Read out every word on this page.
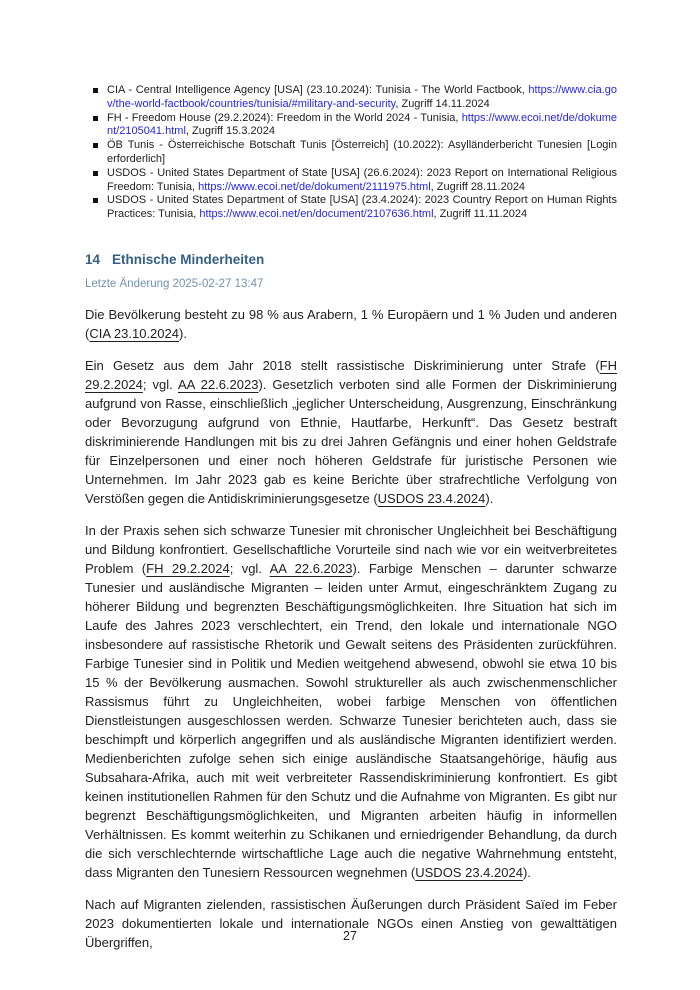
CIA - Central Intelligence Agency [USA] (23.10.2024): Tunisia - The World Factbook, https://www.cia.gov/the-world-factbook/countries/tunisia/#military-and-security, Zugriff 14.11.2024
FH - Freedom House (29.2.2024): Freedom in the World 2024 - Tunisia, https://www.ecoi.net/de/dokument/2105041.html, Zugriff 15.3.2024
ÖB Tunis - Österreichische Botschaft Tunis [Österreich] (10.2022): Asylländerbericht Tunesien [Login erforderlich]
USDOS - United States Department of State [USA] (26.6.2024): 2023 Report on International Religious Freedom: Tunisia, https://www.ecoi.net/de/dokument/2111975.html, Zugriff 28.11.2024
USDOS - United States Department of State [USA] (23.4.2024): 2023 Country Report on Human Rights Practices: Tunisia, https://www.ecoi.net/en/document/2107636.html, Zugriff 11.11.2024
14 Ethnische Minderheiten
Letzte Änderung 2025-02-27 13:47

Die Bevölkerung besteht zu 98 % aus Arabern, 1 % Europäern und 1 % Juden und anderen (CIA 23.10.2024).

Ein Gesetz aus dem Jahr 2018 stellt rassistische Diskriminierung unter Strafe (FH 29.2.2024; vgl. AA 22.6.2023). Gesetzlich verboten sind alle Formen der Diskriminierung aufgrund von Rasse, einschließlich „jeglicher Unterscheidung, Ausgrenzung, Einschränkung oder Bevorzugung aufgrund von Ethnie, Hautfarbe, Herkunft“. Das Gesetz bestraft diskriminierende Handlungen mit bis zu drei Jahren Gefängnis und einer hohen Geldstrafe für Einzelpersonen und einer noch höheren Geldstrafe für juristische Personen wie Unternehmen. Im Jahr 2023 gab es keine Berichte über strafrechtliche Verfolgung von Verstößen gegen die Antidiskriminierungsgesetze (USDOS 23.4.2024).

In der Praxis sehen sich schwarze Tunesier mit chronischer Ungleichheit bei Beschäftigung und Bildung konfrontiert. Gesellschaftliche Vorurteile sind nach wie vor ein weitverbreitetes Problem (FH 29.2.2024; vgl. AA 22.6.2023). Farbige Menschen – darunter schwarze Tunesier und ausländische Migranten – leiden unter Armut, eingeschränktem Zugang zu höherer Bildung und begrenzten Beschäftigungsmöglichkeiten. Ihre Situation hat sich im Laufe des Jahres 2023 verschlechtert, ein Trend, den lokale und internationale NGO insbesondere auf rassistische Rhetorik und Gewalt seitens des Präsidenten zurückführen. Farbige Tunesier sind in Politik und Medien weitgehend abwesend, obwohl sie etwa 10 bis 15 % der Bevölkerung ausmachen. Sowohl struktureller als auch zwischenmenschlicher Rassismus führt zu Ungleichheiten, wobei farbige Menschen von öffentlichen Dienstleistungen ausgeschlossen werden. Schwarze Tunesier berichteten auch, dass sie beschimpft und körperlich angegriffen und als ausländische Migranten identifiziert werden. Medienberichten zufolge sehen sich einige ausländische Staatsangehörige, häufig aus Subsahara-Afrika, auch mit weit verbreiteter Rassendiskriminierung konfrontiert. Es gibt keinen institutionellen Rahmen für den Schutz und die Aufnahme von Migranten. Es gibt nur begrenzt Beschäftigungsmöglichkeiten, und Migranten arbeiten häufig in informellen Verhältnissen. Es kommt weiterhin zu Schikanen und erniedrigender Behandlung, da durch die sich verschlechternde wirtschaftliche Lage auch die negative Wahrnehmung entsteht, dass Migranten den Tunesiern Ressourcen wegnehmen (USDOS 23.4.2024).

Nach auf Migranten zielenden, rassistischen Äußerungen durch Präsident Saïed im Feber 2023 dokumentierten lokale und internationale NGOs einen Anstieg von gewalttätigen Übergriffen,	27
